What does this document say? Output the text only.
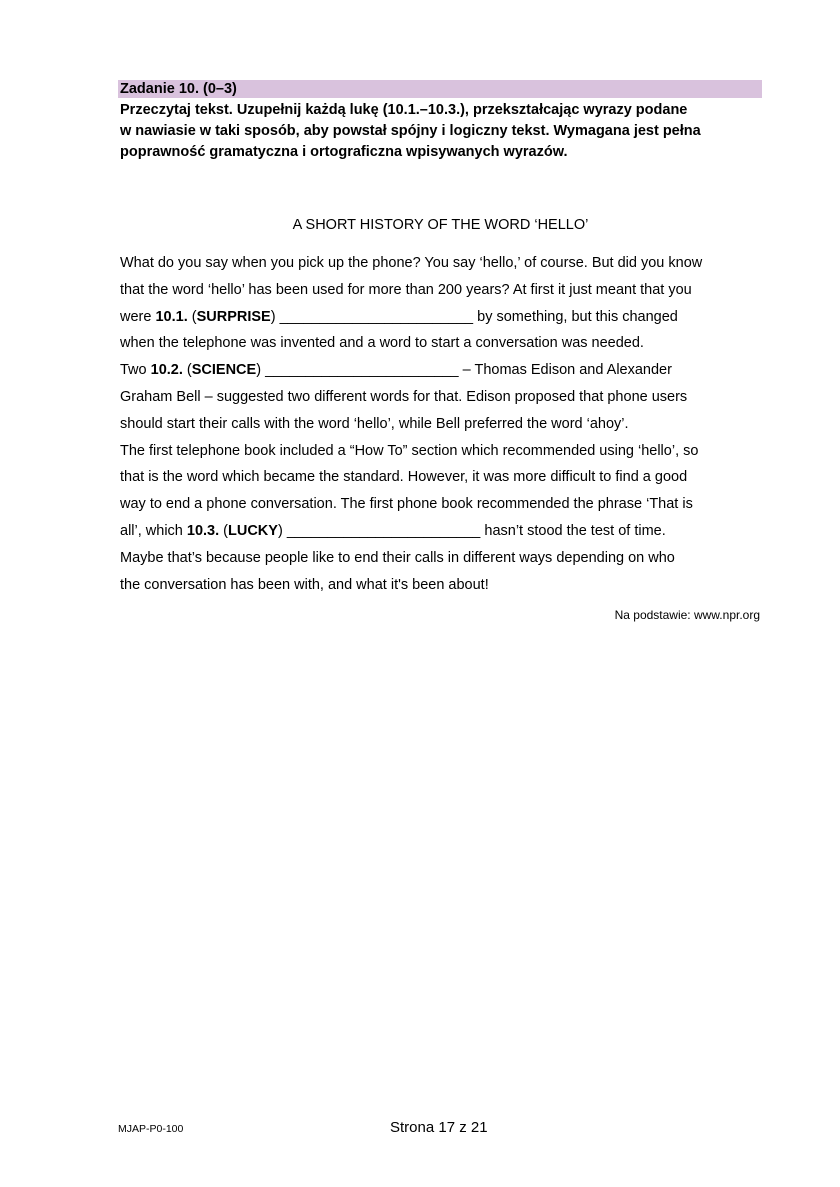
Zadanie 10. (0–3)
Przeczytaj tekst. Uzupełnij każdą lukę (10.1.–10.3.), przekształcając wyrazy podane
w nawiasie w taki sposób, aby powstał spójny i logiczny tekst. Wymagana jest pełna
poprawność gramatyczna i ortograficzna wpisywanych wyrazów.
A SHORT HISTORY OF THE WORD ‘HELLO’
What do you say when you pick up the phone? You say ‘hello,’ of course. But did you know
that the word ‘hello’ has been used for more than 200 years? At first it just meant that you
were 10.1. (SURPRISE) ________________________ by something, but this changed
when the telephone was invented and a word to start a conversation was needed.
Two 10.2. (SCIENCE) ________________________ – Thomas Edison and Alexander
Graham Bell – suggested two different words for that. Edison proposed that phone users
should start their calls with the word ‘hello’, while Bell preferred the word ‘ahoy’.
The first telephone book included a “How To” section which recommended using ‘hello’, so
that is the word which became the standard. However, it was more difficult to find a good
way to end a phone conversation. The first phone book recommended the phrase ‘That is
all’, which 10.3. (LUCKY) ________________________ hasn’t stood the test of time.
Maybe that’s because people like to end their calls in different ways depending on who
the conversation has been with, and what it's been about!
Na podstawie: www.npr.org
MJAP-P0-100	Strona 17 z 21
